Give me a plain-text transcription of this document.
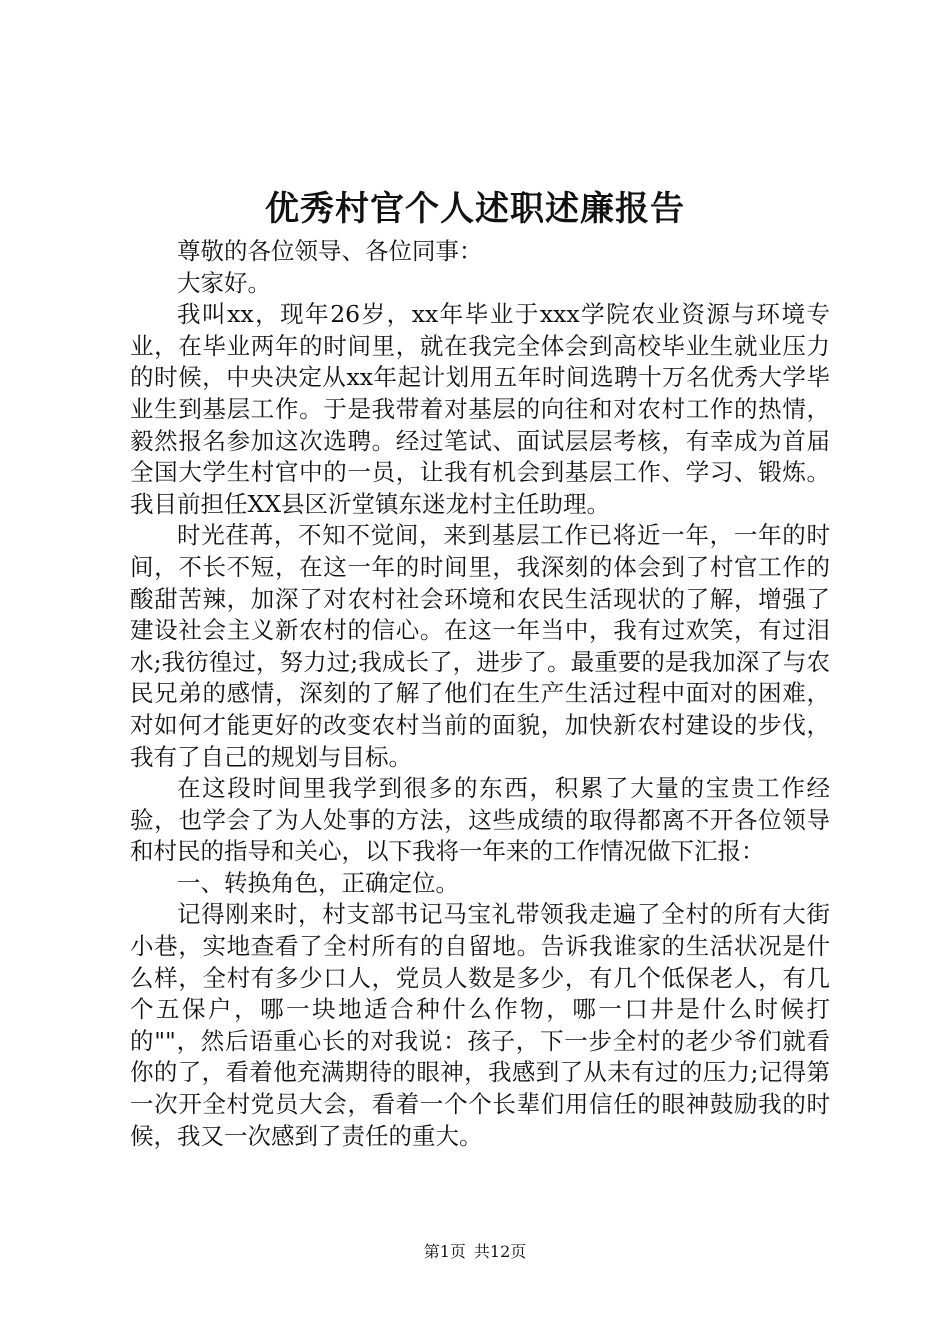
优秀村官个人述职述廉报告

尊敬的各位领导、各位同事：

大家好。

我叫xx，现年26岁，xx年毕业于xxx学院农业资源与环境专业，在毕业两年的时间里，就在我完全体会到高校毕业生就业压力的时候，中央决定从xx年起计划用五年时间选聘十万名优秀大学毕业生到基层工作。于是我带着对基层的向往和对农村工作的热情，毅然报名参加这次选聘。经过笔试、面试层层考核，有幸成为首届全国大学生村官中的一员，让我有机会到基层工作、学习、锻炼。我目前担任XX县区沂堂镇东迷龙村主任助理。

时光荏苒，不知不觉间，来到基层工作已将近一年，一年的时间，不长不短，在这一年的时间里，我深刻的体会到了村官工作的酸甜苦辣，加深了对农村社会环境和农民生活现状的了解，增强了建设社会主义新农村的信心。在这一年当中，我有过欢笑，有过泪水;我彷徨过，努力过;我成长了，进步了。最重要的是我加深了与农民兄弟的感情，深刻的了解了他们在生产生活过程中面对的困难，对如何才能更好的改变农村当前的面貌，加快新农村建设的步伐，我有了自己的规划与目标。

在这段时间里我学到很多的东西，积累了大量的宝贵工作经验，也学会了为人处事的方法，这些成绩的取得都离不开各位领导和村民的指导和关心，以下我将一年来的工作情况做下汇报：

一、转换角色，正确定位。

记得刚来时，村支部书记马宝礼带领我走遍了全村的所有大街小巷，实地查看了全村所有的自留地。告诉我谁家的生活状况是什么样，全村有多少口人，党员人数是多少，有几个低保老人，有几个五保户，哪一块地适合种什么作物，哪一口井是什么时候打的""，然后语重心长的对我说：孩子，下一步全村的老少爷们就看你的了，看着他充满期待的眼神，我感到了从未有过的压力;记得第一次开全村党员大会，看着一个个长辈们用信任的眼神鼓励我的时候，我又一次感到了责任的重大。

第1页 共12页
